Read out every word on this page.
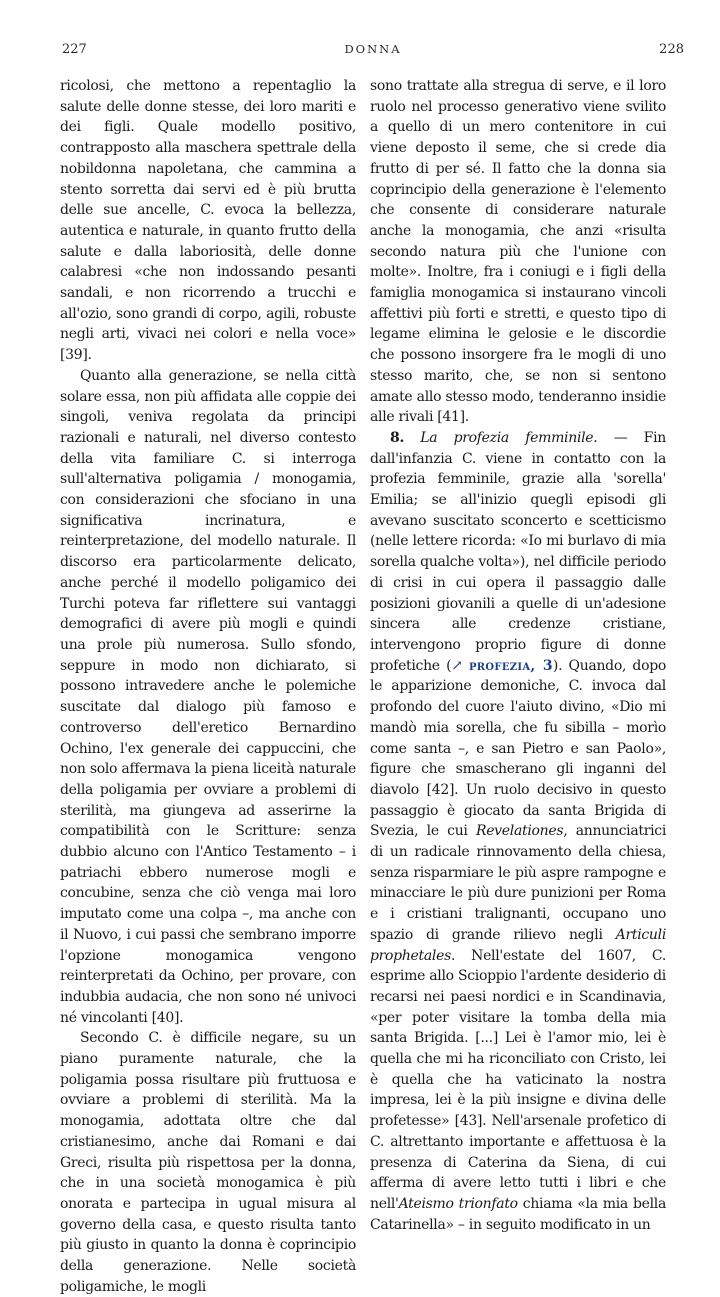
227	DONNA	228

ricolosi, che mettono a repentaglio la salute delle donne stesse, dei loro mariti e dei figli. Quale modello positivo, contrapposto alla maschera spettrale della nobildonna napoletana, che cammina a stento sorretta dai servi ed è più brutta delle sue ancelle, C. evoca la bellezza, autentica e naturale, in quanto frutto della salute e dalla laboriosità, delle donne calabresi «che non indossando pesanti sandali, e non ricorrendo a trucchi e all'ozio, sono grandi di corpo, agili, robuste negli arti, vivaci nei colori e nella voce» [39].

Quanto alla generazione, se nella città solare essa, non più affidata alle coppie dei singoli, veniva regolata da principi razionali e naturali, nel diverso contesto della vita familiare C. si interroga sull'alternativa poligamia / monogamia, con considerazioni che sfociano in una significativa incrinatura, e reinterpretazione, del modello naturale. Il discorso era particolarmente delicato, anche perché il modello poligamico dei Turchi poteva far riflettere sui vantaggi demografici di avere più mogli e quindi una prole più numerosa. Sullo sfondo, seppure in modo non dichiarato, si possono intravedere anche le polemiche suscitate dal dialogo più famoso e controverso dell'eretico Bernardino Ochino, l'ex generale dei cappuccini, che non solo affermava la piena liceità naturale della poligamia per ovviare a problemi di sterilità, ma giungeva ad asserirne la compatibilità con le Scritture: senza dubbio alcuno con l'Antico Testamento – i patriachi ebbero numerose mogli e concubine, senza che ciò venga mai loro imputato come una colpa –, ma anche con il Nuovo, i cui passi che sembrano imporre l'opzione monogamica vengono reinterpretati da Ochino, per provare, con indubbia audacia, che non sono né univoci né vincolanti [40].

Secondo C. è difficile negare, su un piano puramente naturale, che la poligamia possa risultare più fruttuosa e ovviare a problemi di sterilità. Ma la monogamia, adottata oltre che dal cristianesimo, anche dai Romani e dai Greci, risulta più rispettosa per la donna, che in una società monogamica è più onorata e partecipa in ugual misura al governo della casa, e questo risulta tanto più giusto in quanto la donna è coprincipio della generazione. Nelle società poligamiche, le mogli

sono trattate alla stregua di serve, e il loro ruolo nel processo generativo viene svilito a quello di un mero contenitore in cui viene deposto il seme, che si crede dia frutto di per sé. Il fatto che la donna sia coprincipio della generazione è l'elemento che consente di considerare naturale anche la monogamia, che anzi «risulta secondo natura più che l'unione con molte». Inoltre, fra i coniugi e i figli della famiglia monogamica si instaurano vincoli affettivi più forti e stretti, e questo tipo di legame elimina le gelosie e le discordie che possono insorgere fra le mogli di uno stesso marito, che, se non si sentono amate allo stesso modo, tenderanno insidie alle rivali [41].

8. La profezia femminile. — Fin dall'infanzia C. viene in contatto con la profezia femminile, grazie alla 'sorella' Emilia; se all'inizio quegli episodi gli avevano suscitato sconcerto e scetticismo (nelle lettere ricorda: «Io mi burlavo di mia sorella qualche volta»), nel difficile periodo di crisi in cui opera il passaggio dalle posizioni giovanili a quelle di un'adesione sincera alle credenze cristiane, intervengono proprio figure di donne profetiche (↗ profezia, 3). Quando, dopo le apparizione demoniche, C. invoca dal profondo del cuore l'aiuto divino, «Dio mi mandò mia sorella, che fu sibilla – morìo come santa –, e san Pietro e san Paolo», figure che smascherano gli inganni del diavolo [42]. Un ruolo decisivo in questo passaggio è giocato da santa Brigida di Svezia, le cui Revelationes, annunciatrici di un radicale rinnovamento della chiesa, senza risparmiare le più aspre rampogne e minacciare le più dure punizioni per Roma e i cristiani tralignanti, occupano uno spazio di grande rilievo negli Articuli prophetales. Nell'estate del 1607, C. esprime allo Scioppio l'ardente desiderio di recarsi nei paesi nordici e in Scandinavia, «per poter visitare la tomba della mia santa Brigida. [...] Lei è l'amor mio, lei è quella che mi ha riconciliato con Cristo, lei è quella che ha vaticinato la nostra impresa, lei è la più insigne e divina delle profetesse» [43]. Nell'arsenale profetico di C. altrettanto importante e affettuosa è la presenza di Caterina da Siena, di cui afferma di avere letto tutti i libri e che nell'Ateismo trionfato chiama «la mia bella Catarinella» – in seguito modificato in un
